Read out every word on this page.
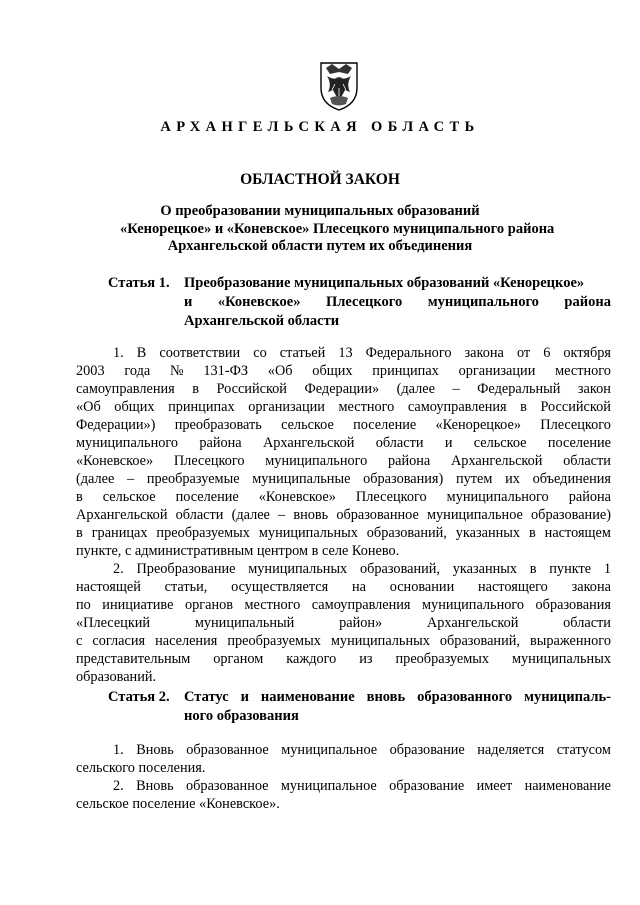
АРХАНГЕЛЬСКАЯ ОБЛАСТЬ
ОБЛАСТНОЙ ЗАКОН
О преобразовании муниципальных образований
«Кенорецкое» и «Коневское» Плесецкого муниципального района
Архангельской области путем их объединения
Статья 1. Преобразование муниципальных образований «Кенорецкое»
и «Коневское» Плесецкого муниципального района
Архангельской области
1. В соответствии со статьей 13 Федерального закона от 6 октября
2003 года № 131-ФЗ «Об общих принципах организации местного
самоуправления в Российской Федерации» (далее – Федеральный закон
«Об общих принципах организации местного самоуправления в Российской
Федерации») преобразовать сельское поселение «Кенорецкое» Плесецкого
муниципального района Архангельской области и сельское поселение
«Коневское» Плесецкого муниципального района Архангельской области
(далее – преобразуемые муниципальные образования) путем их объединения
в сельское поселение «Коневское» Плесецкого муниципального района
Архангельской области (далее – вновь образованное муниципальное образование)
в границах преобразуемых муниципальных образований, указанных в настоящем
пункте, с административным центром в селе Конево.
2. Преобразование муниципальных образований, указанных в пункте 1
настоящей статьи, осуществляется на основании настоящего закона
по инициативе органов местного самоуправления муниципального образования
«Плесецкий	муниципальный	район»	Архангельской	области
с согласия населения преобразуемых муниципальных образований, выраженного
представительным органом каждого из преобразуемых муниципальных
образований.
Статья 2. Статус и наименование вновь образованного муниципаль-
ного образования
1. Вновь образованное муниципальное образование наделяется статусом
сельского поселения.
2. Вновь образованное муниципальное образование имеет наименование
сельское поселение «Коневское».
